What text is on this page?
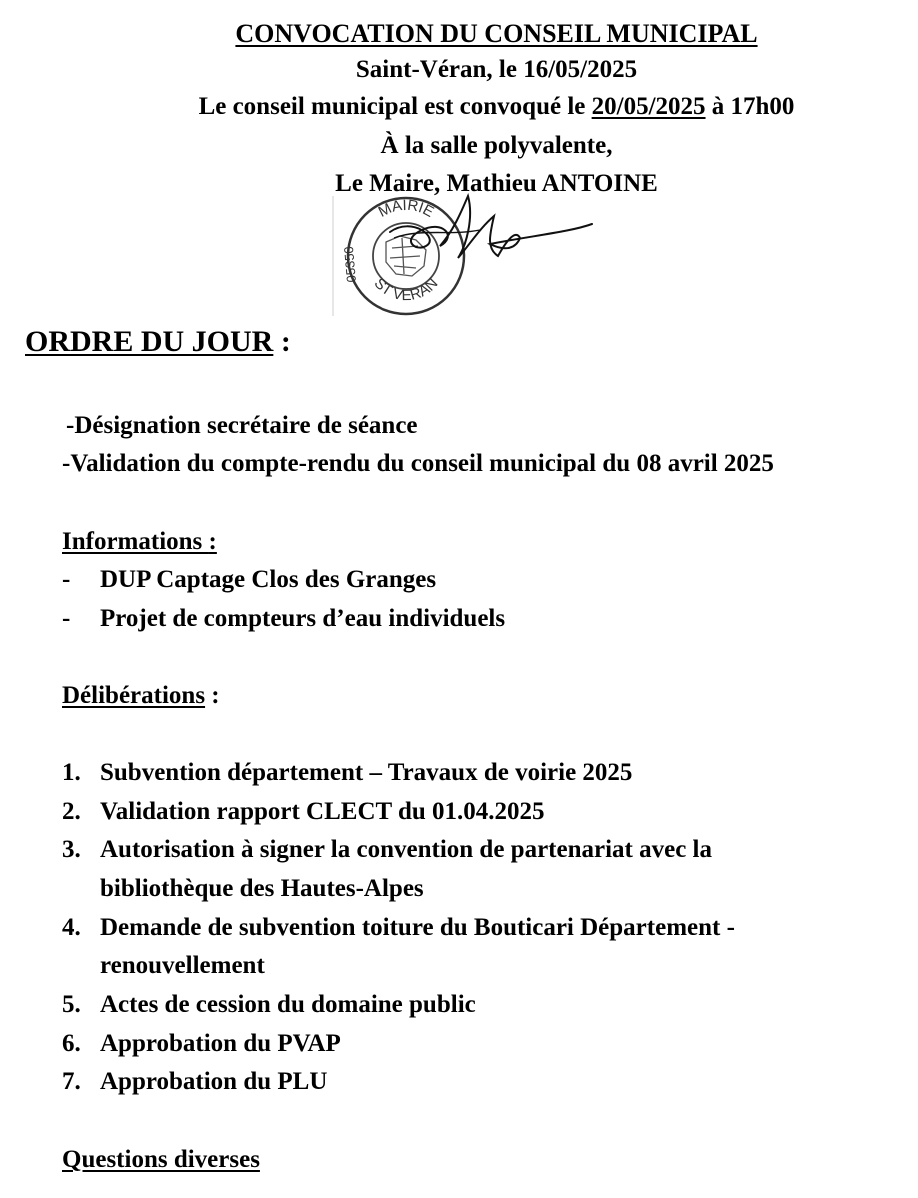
CONVOCATION DU CONSEIL MUNICIPAL
Saint-Véran, le 16/05/2025
Le conseil municipal est convoqué le 20/05/2025 à 17h00
À la salle polyvalente,
Le Maire, Mathieu ANTOINE
MAIRIE
ST VERAN
05350
ORDRE DU JOUR :
-Désignation secrétaire de séance
-Validation du compte-rendu du conseil municipal du 08 avril 2025
Informations :
- DUP Captage Clos des Granges
- Projet de compteurs d’eau individuels
Délibérations :
1. Subvention département – Travaux de voirie 2025
2. Validation rapport CLECT du 01.04.2025
3. Autorisation à signer la convention de partenariat avec la
bibliothèque des Hautes-Alpes
4. Demande de subvention toiture du Bouticari Département -
renouvellement
5. Actes de cession du domaine public
6. Approbation du PVAP
7. Approbation du PLU
Questions diverses
